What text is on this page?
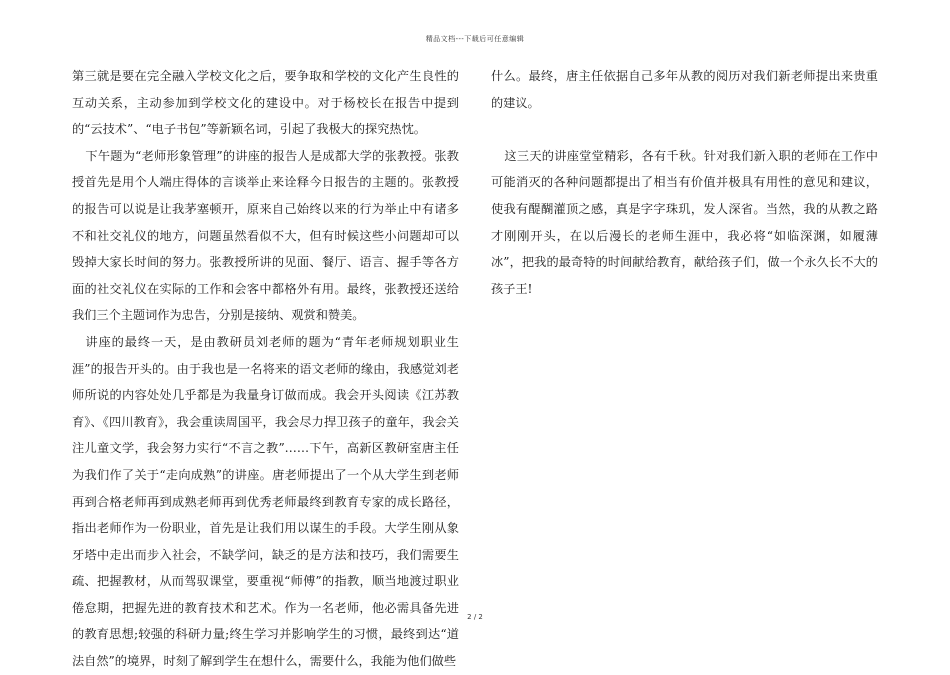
精品文档---下载后可任意编辑

第三就是要在完全融入学校文化之后，要争取和学校的文化产生良性的互动关系，主动参加到学校文化的建设中。对于杨校长在报告中提到的“云技术”、“电子书包”等新颖名词，引起了我极大的探究热忱。

下午题为“老师形象管理”的讲座的报告人是成都大学的张教授。张教授首先是用个人端庄得体的言谈举止来诠释今日报告的主题的。张教授的报告可以说是让我茅塞顿开，原来自己始终以来的行为举止中有诸多不和社交礼仪的地方，问题虽然看似不大，但有时候这些小问题却可以毁掉大家长时间的努力。张教授所讲的见面、餐厅、语言、握手等各方面的社交礼仪在实际的工作和会客中都格外有用。最终，张教授还送给我们三个主题词作为忠告，分别是接纳、观赏和赞美。

讲座的最终一天，是由教研员刘老师的题为“青年老师规划职业生涯”的报告开头的。由于我也是一名将来的语文老师的缘由，我感觉刘老师所说的内容处处几乎都是为我量身订做而成。我会开头阅读《江苏教育》、《四川教育》，我会重读周国平，我会尽力捍卫孩子的童年，我会关注儿童文学，我会努力实行“不言之教”……下午，高新区教研室唐主任为我们作了关于“走向成熟”的讲座。唐老师提出了一个从大学生到老师再到合格老师再到成熟老师再到优秀老师最终到教育专家的成长路径，指出老师作为一份职业，首先是让我们用以谋生的手段。大学生刚从象牙塔中走出而步入社会，不缺学问，缺乏的是方法和技巧，我们需要生疏、把握教材，从而驾驭课堂，要重视“师傅”的指教，顺当地渡过职业倦怠期，把握先进的教育技术和艺术。作为一名老师，他必需具备先进的教育思想;较强的科研力量;终生学习并影响学生的习惯，最终到达“道法自然”的境界，时刻了解到学生在想什么，需要什么，我能为他们做些

什么。最终，唐主任依据自己多年从教的阅历对我们新老师提出来贵重的建议。

这三天的讲座堂堂精彩，各有千秋。针对我们新入职的老师在工作中可能消灭的各种问题都提出了相当有价值并极具有用性的意见和建议，使我有醍醐灌顶之感，真是字字珠玑，发人深省。当然，我的从教之路才刚刚开头，在以后漫长的老师生涯中，我必将“如临深渊，如履薄冰”，把我的最奇特的时间献给教育，献给孩子们，做一个永久长不大的孩子王!

2 / 2
